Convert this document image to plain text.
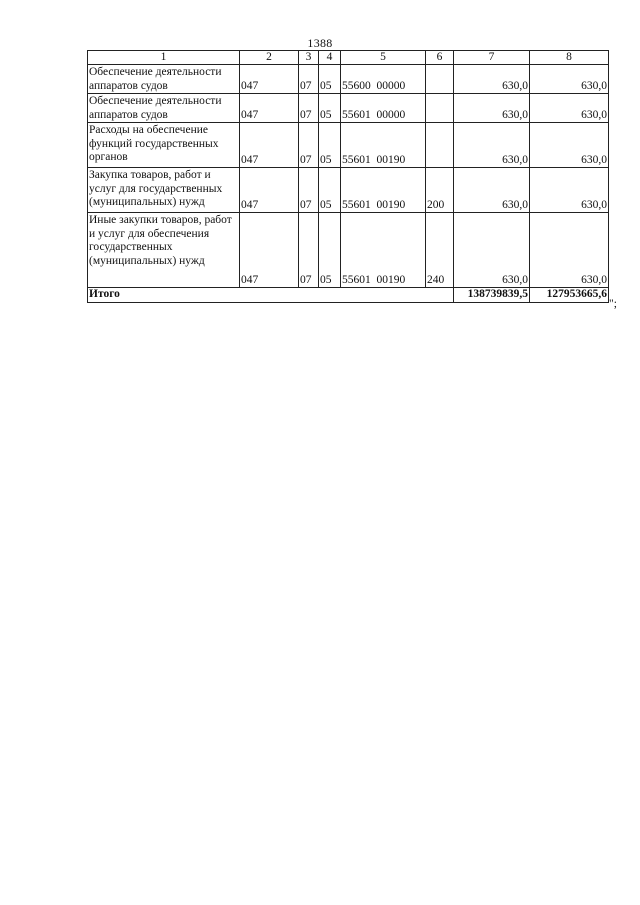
1388
1	2	3	4	5	6	7	8
Обеспечение деятельности аппаратов судов	047	07	05	55600  00000		630,0	630,0
Обеспечение деятельности аппаратов судов	047	07	05	55601  00000		630,0	630,0
Расходы на обеспечение функций государственных органов	047	07	05	55601  00190		630,0	630,0
Закупка товаров, работ и услуг для государственных (муниципальных) нужд	047	07	05	55601  00190	200	630,0	630,0
Иные закупки товаров, работ и услуг для обеспечения государственных (муниципальных) нужд	047	07	05	55601  00190	240	630,0	630,0
Итого						138739839,5	127953665,6
";
